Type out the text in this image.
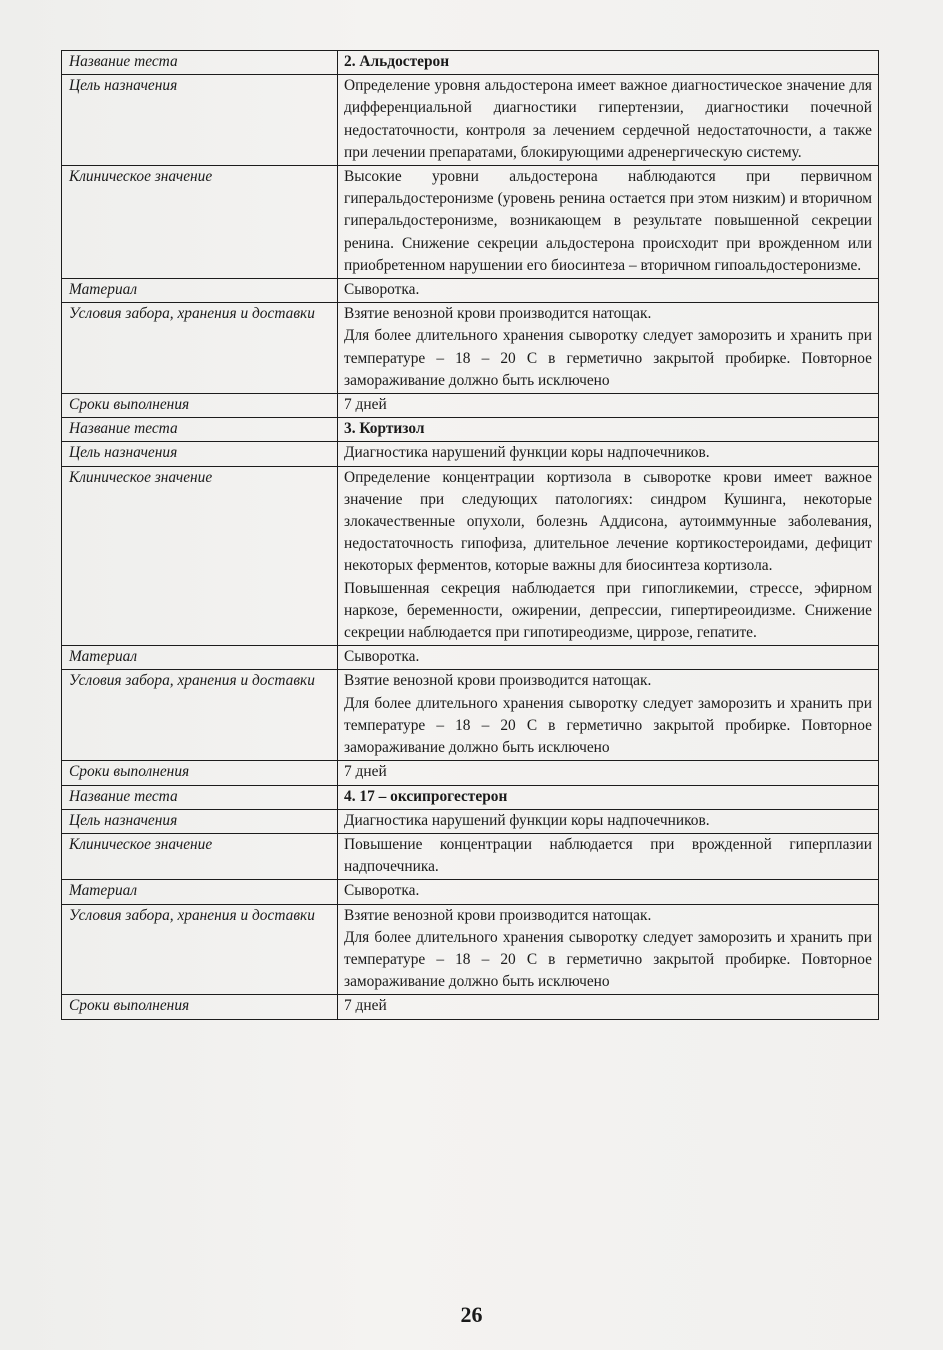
Название теста	2. Альдостерон

Цель назначения	Определение уровня альдостерона имеет важное диагностическое значение для дифференциальной диагностики гипертензии, диагностики почечной недостаточности, контроля за лечением сердечной недостаточности, а также при лечении препаратами, блокирующими адренергическую систему.

Клиническое значение	Высокие уровни альдостерона наблюдаются при первичном гиперальдостеронизме (уровень ренина остается при этом низким) и вторичном гиперальдостеронизме, возникающем в результате повышенной секреции ренина. Снижение секреции альдостерона происходит при врожденном или приобретенном нарушении его биосинтеза – вторичном гипоальдостеронизме.

Материал	Сыворотка.

Условия забора, хранения и доставки	Взятие венозной крови производится натощак.
Для более длительного хранения сыворотку следует заморозить и хранить при температуре – 18 – 20 С в герметично закрытой пробирке. Повторное замораживание должно быть исключено

Сроки выполнения	7 дней

Название теста	3. Кортизол

Цель назначения	Диагностика нарушений функции коры надпочечников.

Клиническое значение	Определение концентрации кортизола в сыворотке крови имеет важное значение при следующих патологиях: синдром Кушинга, некоторые злокачественные опухоли, болезнь Аддисона, аутоиммунные заболевания, недостаточность гипофиза, длительное лечение кортикостероидами, дефицит некоторых ферментов, которые важны для биосинтеза кортизола.
Повышенная секреция наблюдается при гипогликемии, стрессе, эфирном наркозе, беременности, ожирении, депрессии, гипертиреоидизме. Снижение секреции наблюдается при гипотиреодизме, циррозе, гепатите.

Материал	Сыворотка.

Условия забора, хранения и доставки	Взятие венозной крови производится натощак.
Для более длительного хранения сыворотку следует заморозить и хранить при температуре – 18 – 20 С в герметично закрытой пробирке. Повторное замораживание должно быть исключено

Сроки выполнения	7 дней

Название теста	4. 17 – оксипрогестерон

Цель назначения	Диагностика нарушений функции коры надпочечников.

Клиническое значение	Повышение концентрации наблюдается при врожденной гиперплазии надпочечника.

Материал	Сыворотка.

Условия забора, хранения и доставки	Взятие венозной крови производится натощак.
Для более длительного хранения сыворотку следует заморозить и хранить при температуре – 18 – 20 С в герметично закрытой пробирке. Повторное замораживание должно быть исключено

Сроки выполнения	7 дней
26
